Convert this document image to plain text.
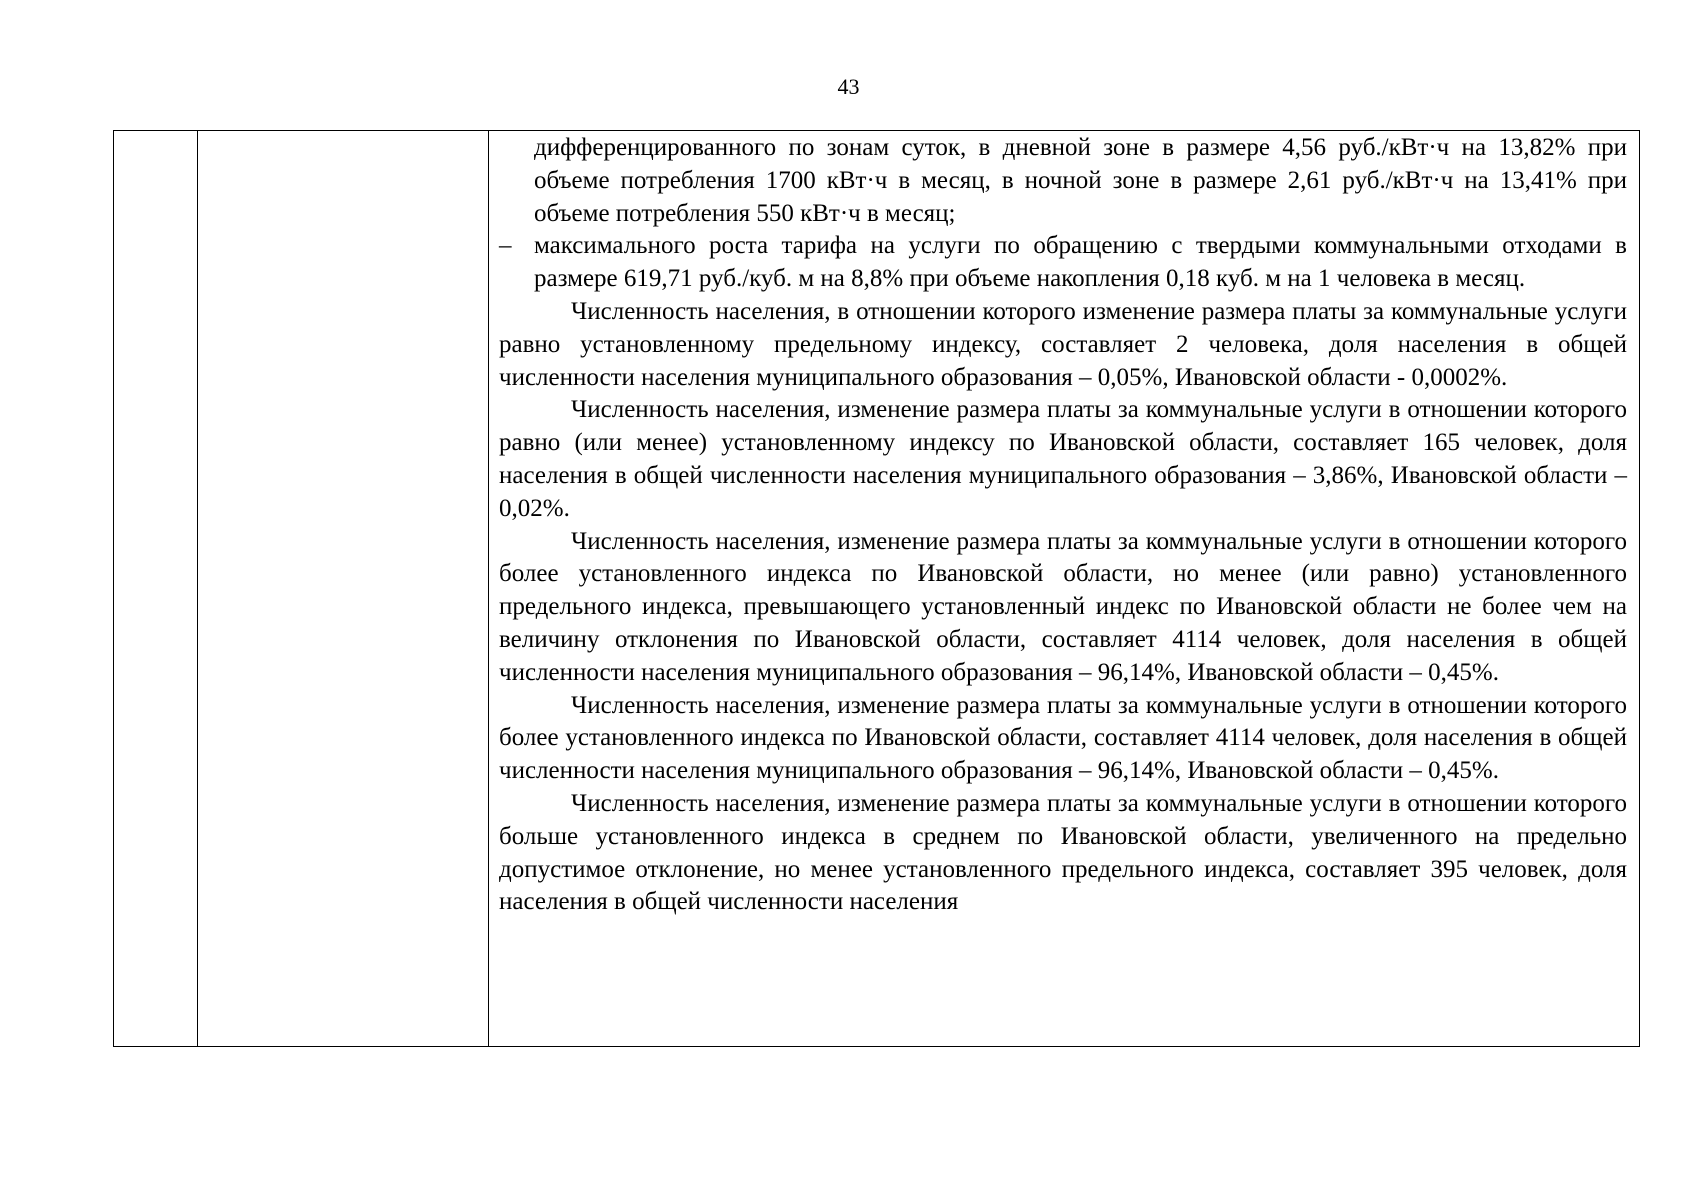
43

дифференцированного по зонам суток, в дневной зоне в размере 4,56 руб./кВт·ч на 13,82% при объеме потребления 1700 кВт·ч в месяц, в ночной зоне в размере 2,61 руб./кВт·ч на 13,41% при объеме потребления 550 кВт·ч в месяц;

– максимального роста тарифа на услуги по обращению с твердыми коммунальными отходами в размере 619,71 руб./куб. м на 8,8% при объеме накопления 0,18 куб. м на 1 человека в месяц.

Численность населения, в отношении которого изменение размера платы за коммунальные услуги равно установленному предельному индексу, составляет 2 человека, доля населения в общей численности населения муниципального образования – 0,05%, Ивановской области - 0,0002%.

Численность населения, изменение размера платы за коммунальные услуги в отношении которого равно (или менее) установленному индексу по Ивановской области, составляет 165 человек, доля населения в общей численности населения муниципального образования – 3,86%, Ивановской области – 0,02%.

Численность населения, изменение размера платы за коммунальные услуги в отношении которого более установленного индекса по Ивановской области, но менее (или равно) установленного предельного индекса, превышающего установленный индекс по Ивановской области не более чем на величину отклонения по Ивановской области, составляет 4114 человек, доля населения в общей численности населения муниципального образования – 96,14%, Ивановской области – 0,45%.

Численность населения, изменение размера платы за коммунальные услуги в отношении которого более установленного индекса по Ивановской области, составляет 4114 человек, доля населения в общей численности населения муниципального образования – 96,14%, Ивановской области – 0,45%.

Численность населения, изменение размера платы за коммунальные услуги в отношении которого больше установленного индекса в среднем по Ивановской области, увеличенного на предельно допустимое отклонение, но менее установленного предельного индекса, составляет 395 человек, доля населения в общей численности населения
